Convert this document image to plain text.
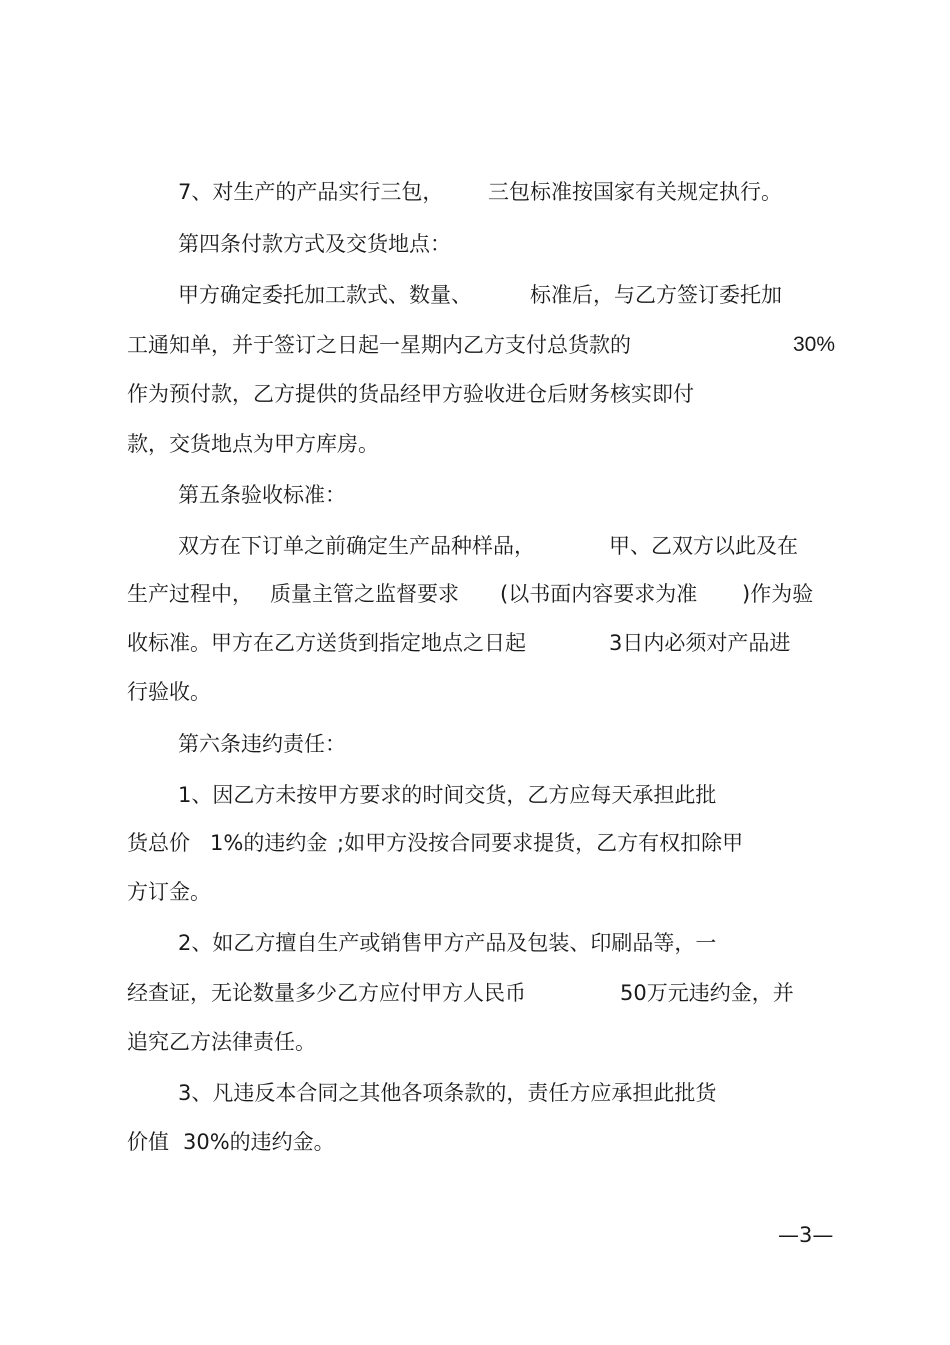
7、对生产的产品实行三包， 三包标准按国家有关规定执行。
第四条付款方式及交货地点：
甲方确定委托加工款式、数量、	标准后，与乙方签订委托加
工通知单，并于签订之日起一星期内乙方支付总货款的	30%
作为预付款，乙方提供的货品经甲方验收进仓后财务核实即付
款，交货地点为甲方库房。
第五条验收标准：
双方在下订单之前确定生产品种样品，	甲、乙双方以此及在
生产过程中， 质量主管之监督要求 (以书面内容要求为准 )作为验
收标准。甲方在乙方送货到指定地点之日起	3日内必须对产品进
行验收。
第六条违约责任：
1、因乙方未按甲方要求的时间交货，乙方应每天承担此批
货总价 1%的违约金 ;如甲方没按合同要求提货，乙方有权扣除甲
方订金。
2、如乙方擅自生产或销售甲方产品及包装、印刷品等，一
经查证，无论数量多少乙方应付甲方人民币	50万元违约金，并
追究乙方法律责任。
3、凡违反本合同之其他各项条款的，责任方应承担此批货
价值 30%的违约金。
—3—
